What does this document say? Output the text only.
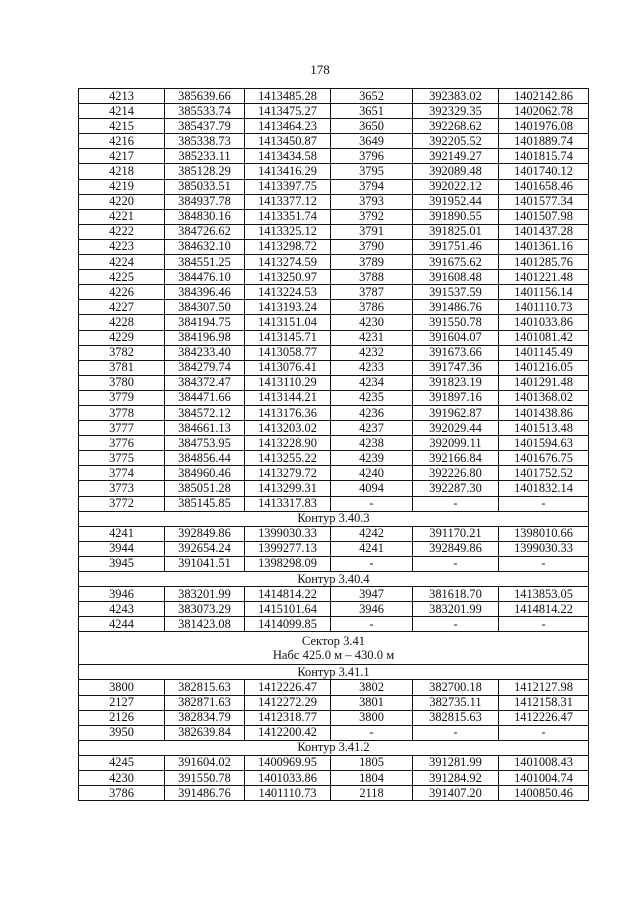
178
4213	385639.66	1413485.28	3652	392383.02	1402142.86
4214	385533.74	1413475.27	3651	392329.35	1402062.78
4215	385437.79	1413464.23	3650	392268.62	1401976.08
4216	385338.73	1413450.87	3649	392205.52	1401889.74
4217	385233.11	1413434.58	3796	392149.27	1401815.74
4218	385128.29	1413416.29	3795	392089.48	1401740.12
4219	385033.51	1413397.75	3794	392022.12	1401658.46
4220	384937.78	1413377.12	3793	391952.44	1401577.34
4221	384830.16	1413351.74	3792	391890.55	1401507.98
4222	384726.62	1413325.12	3791	391825.01	1401437.28
4223	384632.10	1413298.72	3790	391751.46	1401361.16
4224	384551.25	1413274.59	3789	391675.62	1401285.76
4225	384476.10	1413250.97	3788	391608.48	1401221.48
4226	384396.46	1413224.53	3787	391537.59	1401156.14
4227	384307.50	1413193.24	3786	391486.76	1401110.73
4228	384194.75	1413151.04	4230	391550.78	1401033.86
4229	384196.98	1413145.71	4231	391604.07	1401081.42
3782	384233.40	1413058.77	4232	391673.66	1401145.49
3781	384279.74	1413076.41	4233	391747.36	1401216.05
3780	384372.47	1413110.29	4234	391823.19	1401291.48
3779	384471.66	1413144.21	4235	391897.16	1401368.02
3778	384572.12	1413176.36	4236	391962.87	1401438.86
3777	384661.13	1413203.02	4237	392029.44	1401513.48
3776	384753.95	1413228.90	4238	392099.11	1401594.63
3775	384856.44	1413255.22	4239	392166.84	1401676.75
3774	384960.46	1413279.72	4240	392226.80	1401752.52
3773	385051.28	1413299.31	4094	392287.30	1401832.14
3772	385145.85	1413317.83	-	-	-

Контур 3.40.3					

4241	392849.86	1399030.33	4242	391170.21	1398010.66
3944	392654.24	1399277.13	4241	392849.86	1399030.33
3945	391041.51	1398298.09	-	-	-

Контур 3.40.4					

3946	383201.99	1414814.22	3947	381618.70	1413853.05
4243	383073.29	1415101.64	3946	383201.99	1414814.22
4244	381423.08	1414099.85	-	-	-

Сектор 3.41
Набс 425.0 м – 430.0 м					

Контур 3.41.1					

3800	382815.63	1412226.47	3802	382700.18	1412127.98
2127	382871.63	1412272.29	3801	382735.11	1412158.31
2126	382834.79	1412318.77	3800	382815.63	1412226.47
3950	382639.84	1412200.42	-	-	-

Контур 3.41.2					

4245	391604.02	1400969.95	1805	391281.99	1401008.43
4230	391550.78	1401033.86	1804	391284.92	1401004.74
3786	391486.76	1401110.73	2118	391407.20	1400850.46
